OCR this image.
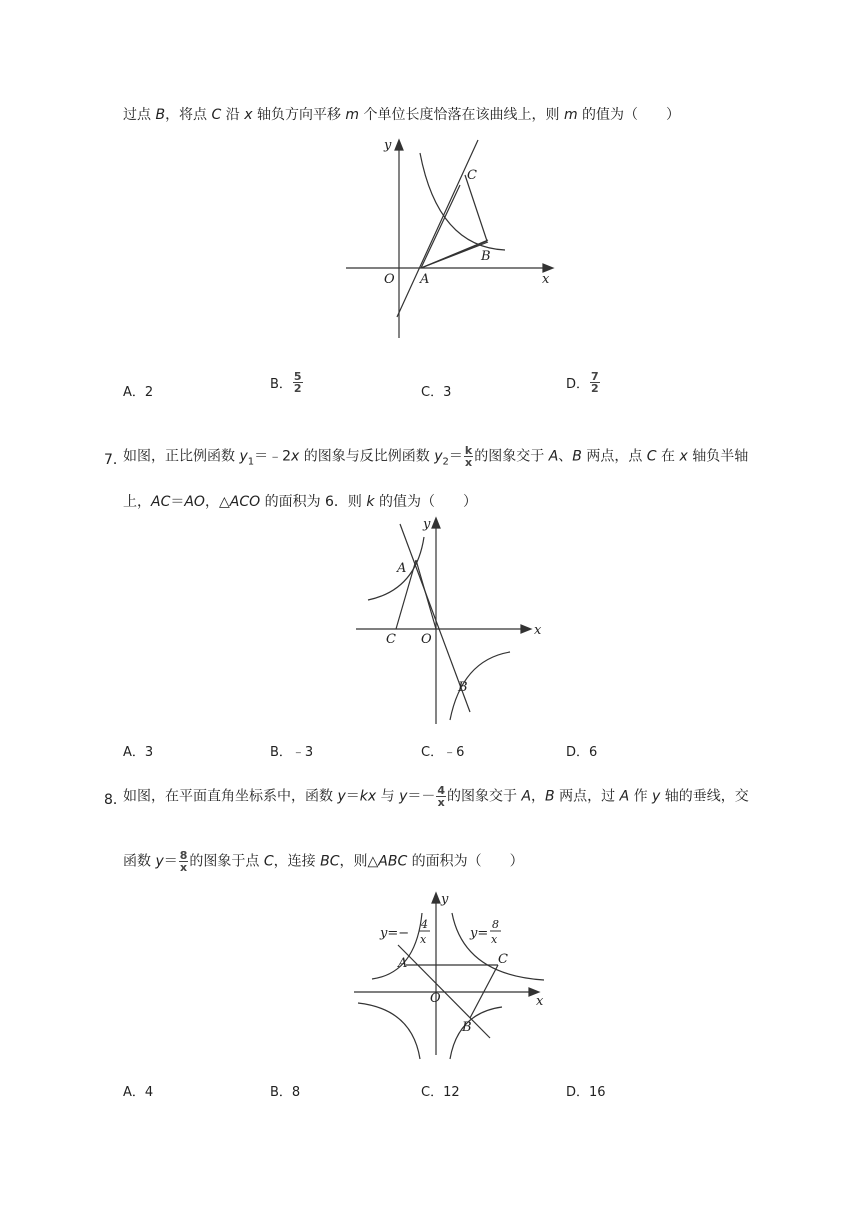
过点 B，将点 C 沿 x 轴负方向平移 m 个单位长度恰落在该曲线上，则 m 的值为（　　）
y
x
O A
B
C
A．2
B． $\frac{5}{2}$	C．3
D． $\frac{7}{2}$
7．
如图，正比例函数 $y_1=﹣2x$ 的图象与反比例函数 $y_2= \frac{k}{x}$ 的图象交于 A、B 两点，点 C 在 x 轴负半轴
上，AC＝AO，△ACO 的面积为 6．则 k 的值为（　　）
y
x
O
A
B
C
A．3	B．﹣3	C．﹣6	D．6
8．
如图，在平面直角坐标系中，函数 y＝kx 与 $y=- \frac{4}{x}$ 的图象交于 A，B 两点，过 A 作 y 轴的垂线，交
函数 $y= \frac{8}{x}$ 的图象于点 C，连接 BC，则△ABC 的面积为（　　）
y
x
O
A
B
C
y=−
4
x	y=
8
x
A．4	B．8	C．12	D．16
